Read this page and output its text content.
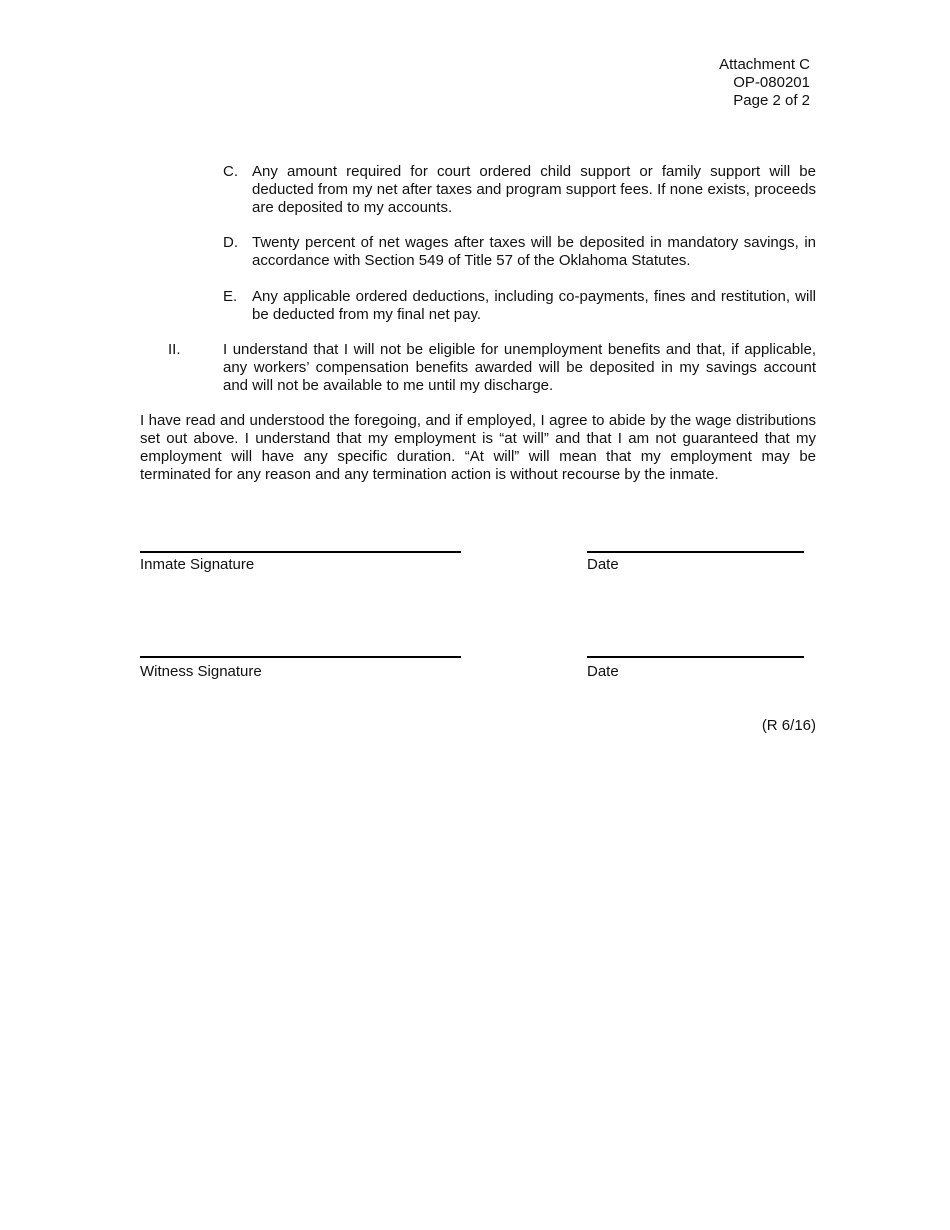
Attachment C
OP-080201
Page 2 of 2
C. Any amount required for court ordered child support or family support will be deducted from my net after taxes and program support fees. If none exists, proceeds are deposited to my accounts.
D. Twenty percent of net wages after taxes will be deposited in mandatory savings, in accordance with Section 549 of Title 57 of the Oklahoma Statutes.
E. Any applicable ordered deductions, including co-payments, fines and restitution, will be deducted from my final net pay.
II.	I understand that I will not be eligible for unemployment benefits and that, if applicable, any workers’ compensation benefits awarded will be deposited in my savings account and will not be available to me until my discharge.
I have read and understood the foregoing, and if employed, I agree to abide by the wage distributions set out above. I understand that my employment is “at will” and that I am not guaranteed that my employment will have any specific duration. “At will” will mean that my employment may be terminated for any reason and any termination action is without recourse by the inmate.
Inmate Signature	Date
Witness Signature	Date
(R 6/16)
